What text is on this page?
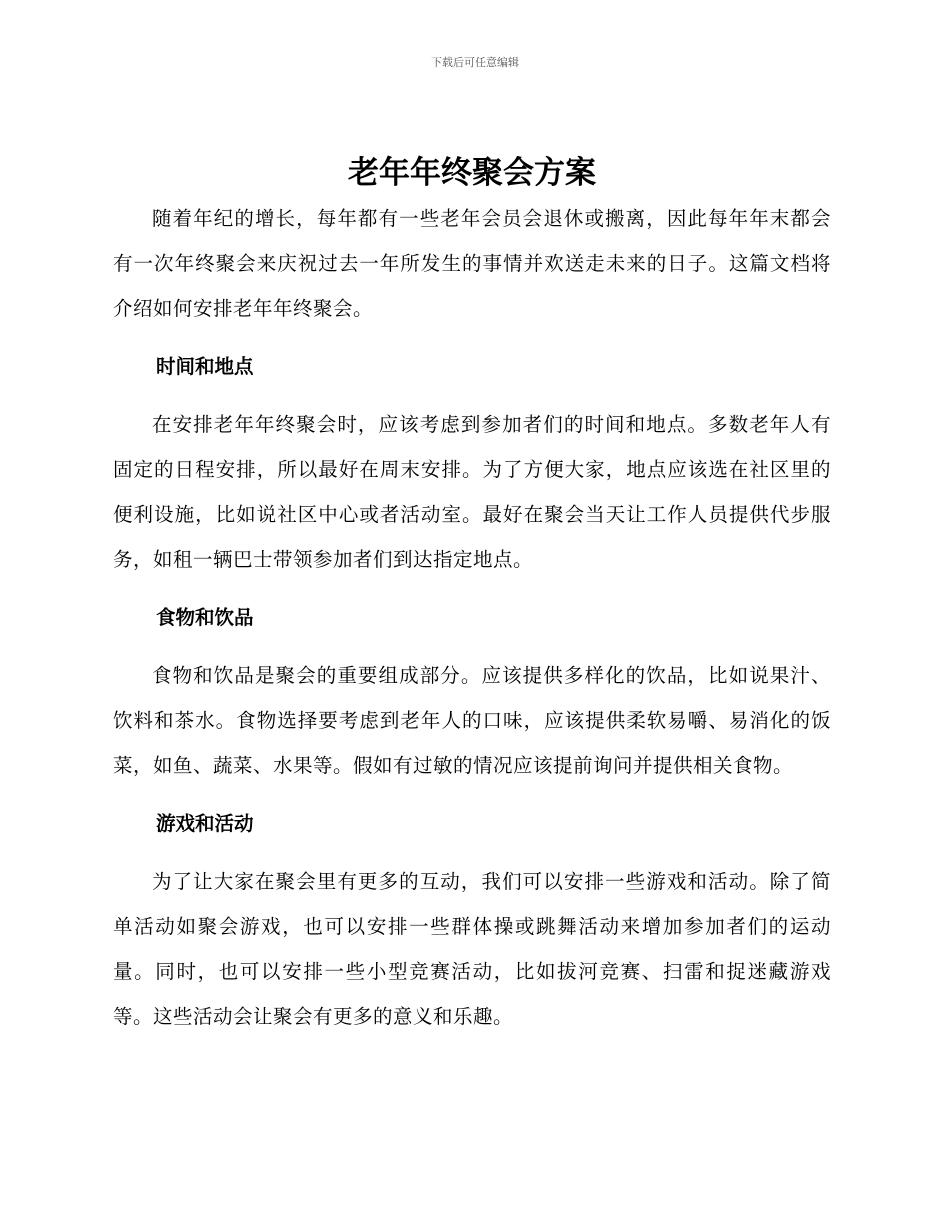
下载后可任意编辑
老年年终聚会方案

随着年纪的增长，每年都有一些老年会员会退休或搬离，因此每年年末都会有一次年终聚会来庆祝过去一年所发生的事情并欢送走未来的日子。这篇文档将介绍如何安排老年年终聚会。

时间和地点

在安排老年年终聚会时，应该考虑到参加者们的时间和地点。多数老年人有固定的日程安排，所以最好在周末安排。为了方便大家，地点应该选在社区里的便利设施，比如说社区中心或者活动室。最好在聚会当天让工作人员提供代步服务，如租一辆巴士带领参加者们到达指定地点。

食物和饮品

食物和饮品是聚会的重要组成部分。应该提供多样化的饮品，比如说果汁、饮料和茶水。食物选择要考虑到老年人的口味，应该提供柔软易嚼、易消化的饭菜，如鱼、蔬菜、水果等。假如有过敏的情况应该提前询问并提供相关食物。

游戏和活动

为了让大家在聚会里有更多的互动，我们可以安排一些游戏和活动。除了简单活动如聚会游戏，也可以安排一些群体操或跳舞活动来增加参加者们的运动量。同时，也可以安排一些小型竞赛活动，比如拔河竞赛、扫雷和捉迷藏游戏等。这些活动会让聚会有更多的意义和乐趣。
